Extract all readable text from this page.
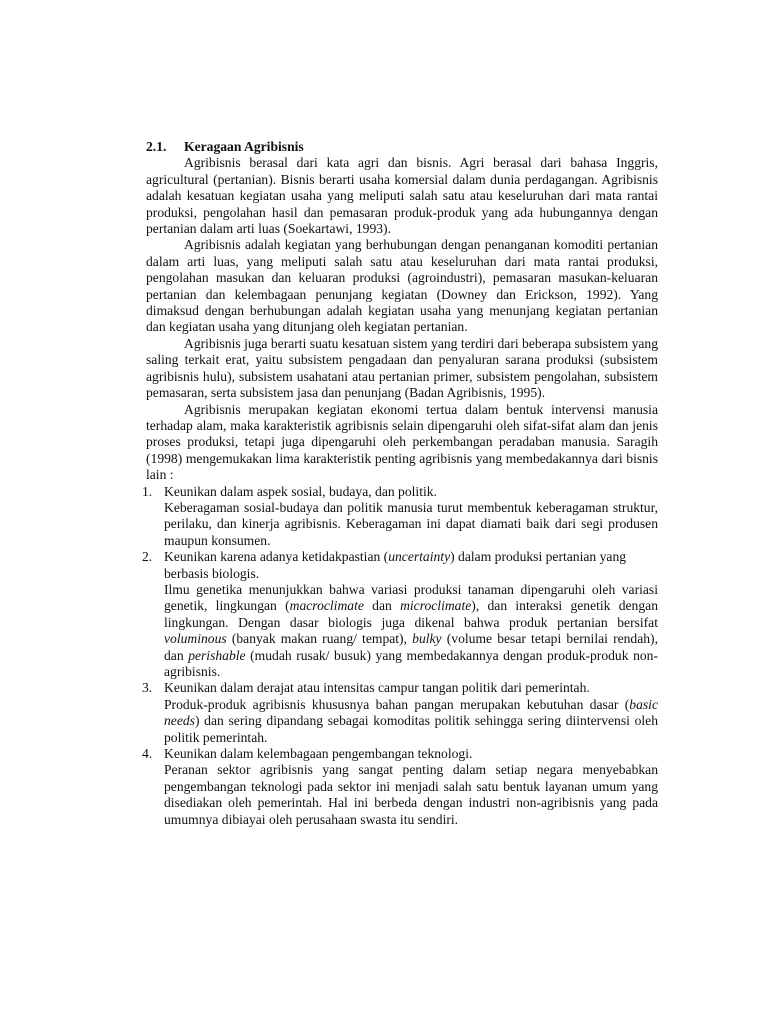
2.1. Keragaan Agribisnis

Agribisnis berasal dari kata agri dan bisnis. Agri berasal dari bahasa Inggris, agricultural (pertanian). Bisnis berarti usaha komersial dalam dunia perdagangan. Agribisnis adalah kesatuan kegiatan usaha yang meliputi salah satu atau keseluruhan dari mata rantai produksi, pengolahan hasil dan pemasaran produk-produk yang ada hubungannya dengan pertanian dalam arti luas (Soekartawi, 1993).

Agribisnis adalah kegiatan yang berhubungan dengan penanganan komoditi pertanian dalam arti luas, yang meliputi salah satu atau keseluruhan dari mata rantai produksi, pengolahan masukan dan keluaran produksi (agroindustri), pemasaran masukan-keluaran pertanian dan kelembagaan penunjang kegiatan (Downey dan Erickson, 1992). Yang dimaksud dengan berhubungan adalah kegiatan usaha yang menunjang kegiatan pertanian dan kegiatan usaha yang ditunjang oleh kegiatan pertanian.

Agribisnis juga berarti suatu kesatuan sistem yang terdiri dari beberapa subsistem yang saling terkait erat, yaitu subsistem pengadaan dan penyaluran sarana produksi (subsistem agribisnis hulu), subsistem usahatani atau pertanian primer, subsistem pengolahan, subsistem pemasaran, serta subsistem jasa dan penunjang (Badan Agribisnis, 1995).

Agribisnis merupakan kegiatan ekonomi tertua dalam bentuk intervensi manusia terhadap alam, maka karakteristik agribisnis selain dipengaruhi oleh sifat-sifat alam dan jenis proses produksi, tetapi juga dipengaruhi oleh perkembangan peradaban manusia. Saragih (1998) mengemukakan lima karakteristik penting agribisnis yang membedakannya dari bisnis lain :

1. Keunikan dalam aspek sosial, budaya, dan politik.
Keberagaman sosial-budaya dan politik manusia turut membentuk keberagaman struktur, perilaku, dan kinerja agribisnis. Keberagaman ini dapat diamati baik dari segi produsen maupun konsumen.
2. Keunikan karena adanya ketidakpastian (uncertainty) dalam produksi pertanian yang berbasis biologis.
Ilmu genetika menunjukkan bahwa variasi produksi tanaman dipengaruhi oleh variasi genetik, lingkungan (macroclimate dan microclimate), dan interaksi genetik dengan lingkungan. Dengan dasar biologis juga dikenal bahwa produk pertanian bersifat voluminous (banyak makan ruang/ tempat), bulky (volume besar tetapi bernilai rendah), dan perishable (mudah rusak/ busuk) yang membedakannya dengan produk-produk non-agribisnis.
3. Keunikan dalam derajat atau intensitas campur tangan politik dari pemerintah.
Produk-produk agribisnis khususnya bahan pangan merupakan kebutuhan dasar (basic needs) dan sering dipandang sebagai komoditas politik sehingga sering diintervensi oleh politik pemerintah.
4. Keunikan dalam kelembagaan pengembangan teknologi.
Peranan sektor agribisnis yang sangat penting dalam setiap negara menyebabkan pengembangan teknologi pada sektor ini menjadi salah satu bentuk layanan umum yang disediakan oleh pemerintah. Hal ini berbeda dengan industri non-agribisnis yang pada umumnya dibiayai oleh perusahaan swasta itu sendiri.
